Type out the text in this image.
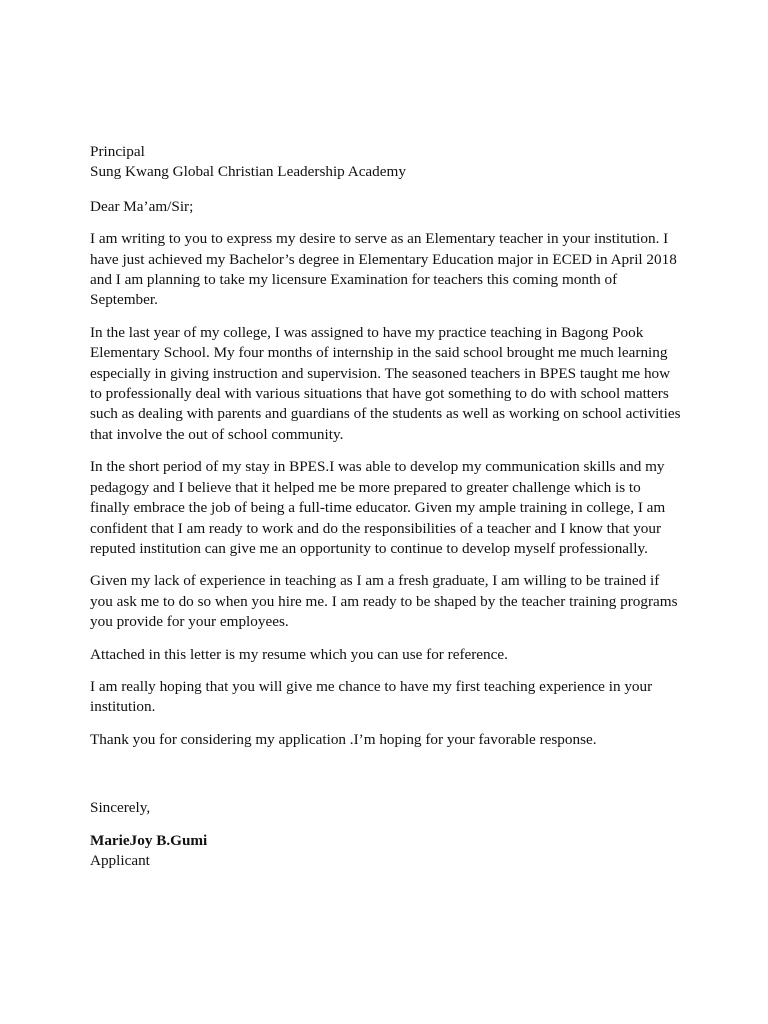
Principal
Sung Kwang Global Christian Leadership Academy

Dear Ma’am/Sir;

I am writing to you to express my desire to serve as an Elementary teacher in your institution. I
have just achieved my Bachelor’s degree in Elementary Education major in ECED in April 2018
and I am planning to take my licensure Examination for teachers this coming month of
September.

In the last year of my college, I was assigned to have my practice teaching in Bagong Pook
Elementary School. My four months of internship in the said school brought me much learning
especially in giving instruction and supervision. The seasoned teachers in BPES taught me how
to professionally deal with various situations that have got something to do with school matters
such as dealing with parents and guardians of the students as well as working on school activities
that involve the out of school community.

In the short period of my stay in BPES.I was able to develop my communication skills and my
pedagogy and I believe that it helped me be more prepared to greater challenge which is to
finally embrace the job of being a full-time educator. Given my ample training in college, I am
confident that I am ready to work and do the responsibilities of a teacher and I know that your
reputed institution can give me an opportunity to continue to develop myself professionally.

Given my lack of experience in teaching as I am a fresh graduate, I am willing to be trained if
you ask me to do so when you hire me. I am ready to be shaped by the teacher training programs
you provide for your employees.

Attached in this letter is my resume which you can use for reference.

I am really hoping that you will give me chance to have my first teaching experience in your
institution.

Thank you for considering my application .I’m hoping for your favorable response.

Sincerely,

MarieJoy B.Gumi
Applicant
